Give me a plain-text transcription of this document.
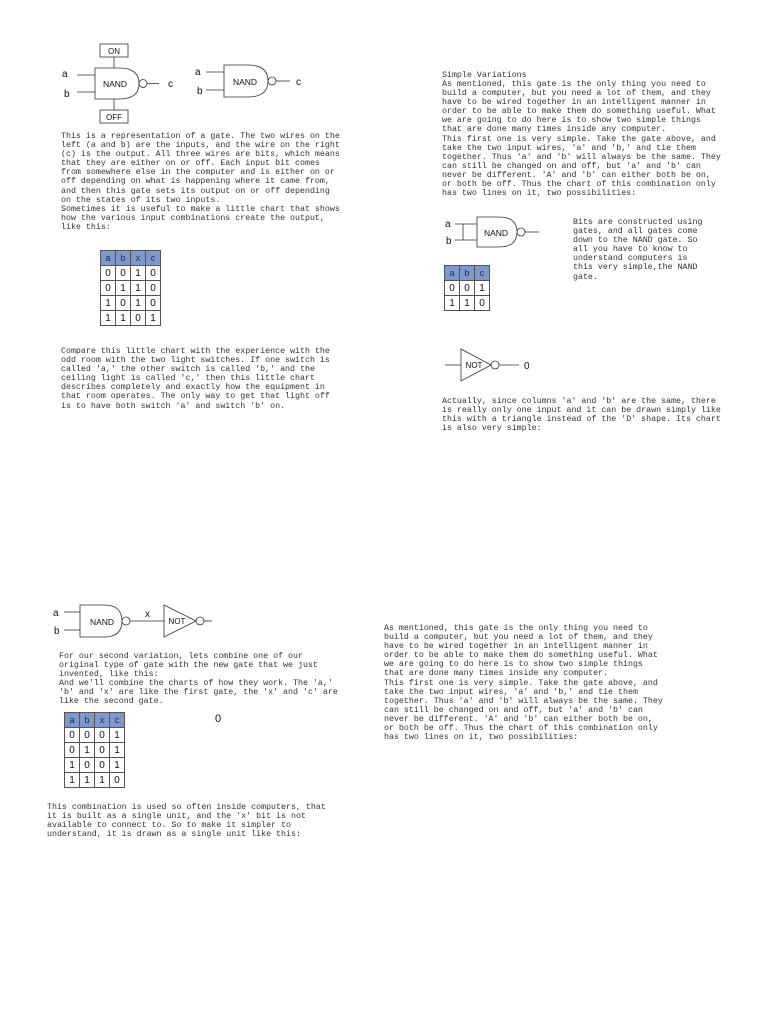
ON
OFF
NAND
a
b
c	NAND
a
b
c
This is a representation of a gate. The two wires on the
left (a and b) are the inputs, and the wire on the right
(c) is the output. All three wires are bits, which means
that they are either on or off. Each input bit comes
from somewhere else in the computer and is either on or
off depending on what is happening where it came from,
and then this gate sets its output on or off depending
on the states of its two inputs.
Sometimes it is useful to make a little chart that shows
how the various input combinations create the output,
like this:
a	b	x	c
0	0	1	0
0	1	1	0
1	0	1	0
1	1	0	1
Compare this little chart with the experience with the
odd room with the two light switches. If one switch is
called 'a,' the other switch is called 'b,' and the
ceiling light is called 'c,' then this little chart
describes completely and exactly how the equipment in
that room operates. The only way to get that light off
is to have both switch 'a' and switch 'b' on.
Simple Variations
As mentioned, this gate is the only thing you need to
build a computer, but you need a lot of them, and they
have to be wired together in an intelligent manner in
order to be able to make them do something useful. What
we are going to do here is to show two simple things
that are done many times inside any computer.
This first one is very simple. Take the gate above, and
take the two input wires, 'a' and 'b,' and tie them
together. Thus 'a' and 'b' will always be the same. They
can still be changed on and off, but 'a' and 'b' can
never be different. 'A' and 'b' can either both be on,
or both be off. Thus the chart of this combination only
has two lines on it, two possibilities:
NAND
a
b
Bits are constructed using
gates, and all gates come
down to the NAND gate. So
all you have to know to
understand computers is
this very simple,the NAND
gate.
a	b	c
0	0	1
1	1	0
NOT	0
Actually, since columns 'a' and 'b' are the same, there
is really only one input and it can be drawn simply like
this with a triangle instead of the 'D' shape. Its chart
is also very simple:
NAND	NOT
x
a
b
For our second variation, lets combine one of our
original type of gate with the new gate that we just
invented, like this:
And we'll combine the charts of how they work. The 'a,'
'b' and 'x' are like the first gate, the 'x' and 'c' are
like the second gate.
a	b	x	c
0	0	0	1
0	1	0	1
1	0	0	1
1	1	1	0
0
This combination is used so often inside computers, that
it is built as a single unit, and the 'x' bit is not
available to connect to. So to make it simpler to
understand, it is drawn as a single unit like this:
As mentioned, this gate is the only thing you need to
build a computer, but you need a lot of them, and they
have to be wired together in an intelligent manner in
order to be able to make them do something useful. What
we are going to do here is to show two simple things
that are done many times inside any computer.
This first one is very simple. Take the gate above, and
take the two input wires, 'a' and 'b,' and tie them
together. Thus 'a' and 'b' will always be the same. They
can still be changed on and off, but 'a' and 'b' can
never be different. 'A' and 'b' can either both be on,
or both be off. Thus the chart of this combination only
has two lines on it, two possibilities:
